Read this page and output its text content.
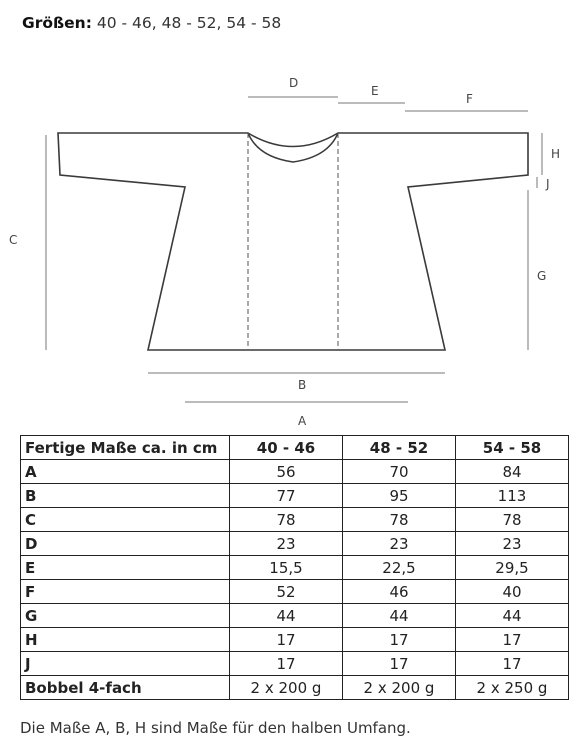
Größen: 40 - 46, 48 - 52, 54 - 58
D
E
F
H
J
C
G
B
A
Fertige Maße ca. in cm	40 - 46	48 - 52	54 - 58
A	56	70	84
B	77	95	113
C	78	78	78
D	23	23	23
E	15,5	22,5	29,5
F	52	46	40
G	44	44	44
H	17	17	17
J	17	17	17
Bobbel 4-fach	2 x 200 g	2 x 200 g	2 x 250 g
Die Maße A, B, H sind Maße für den halben Umfang.
